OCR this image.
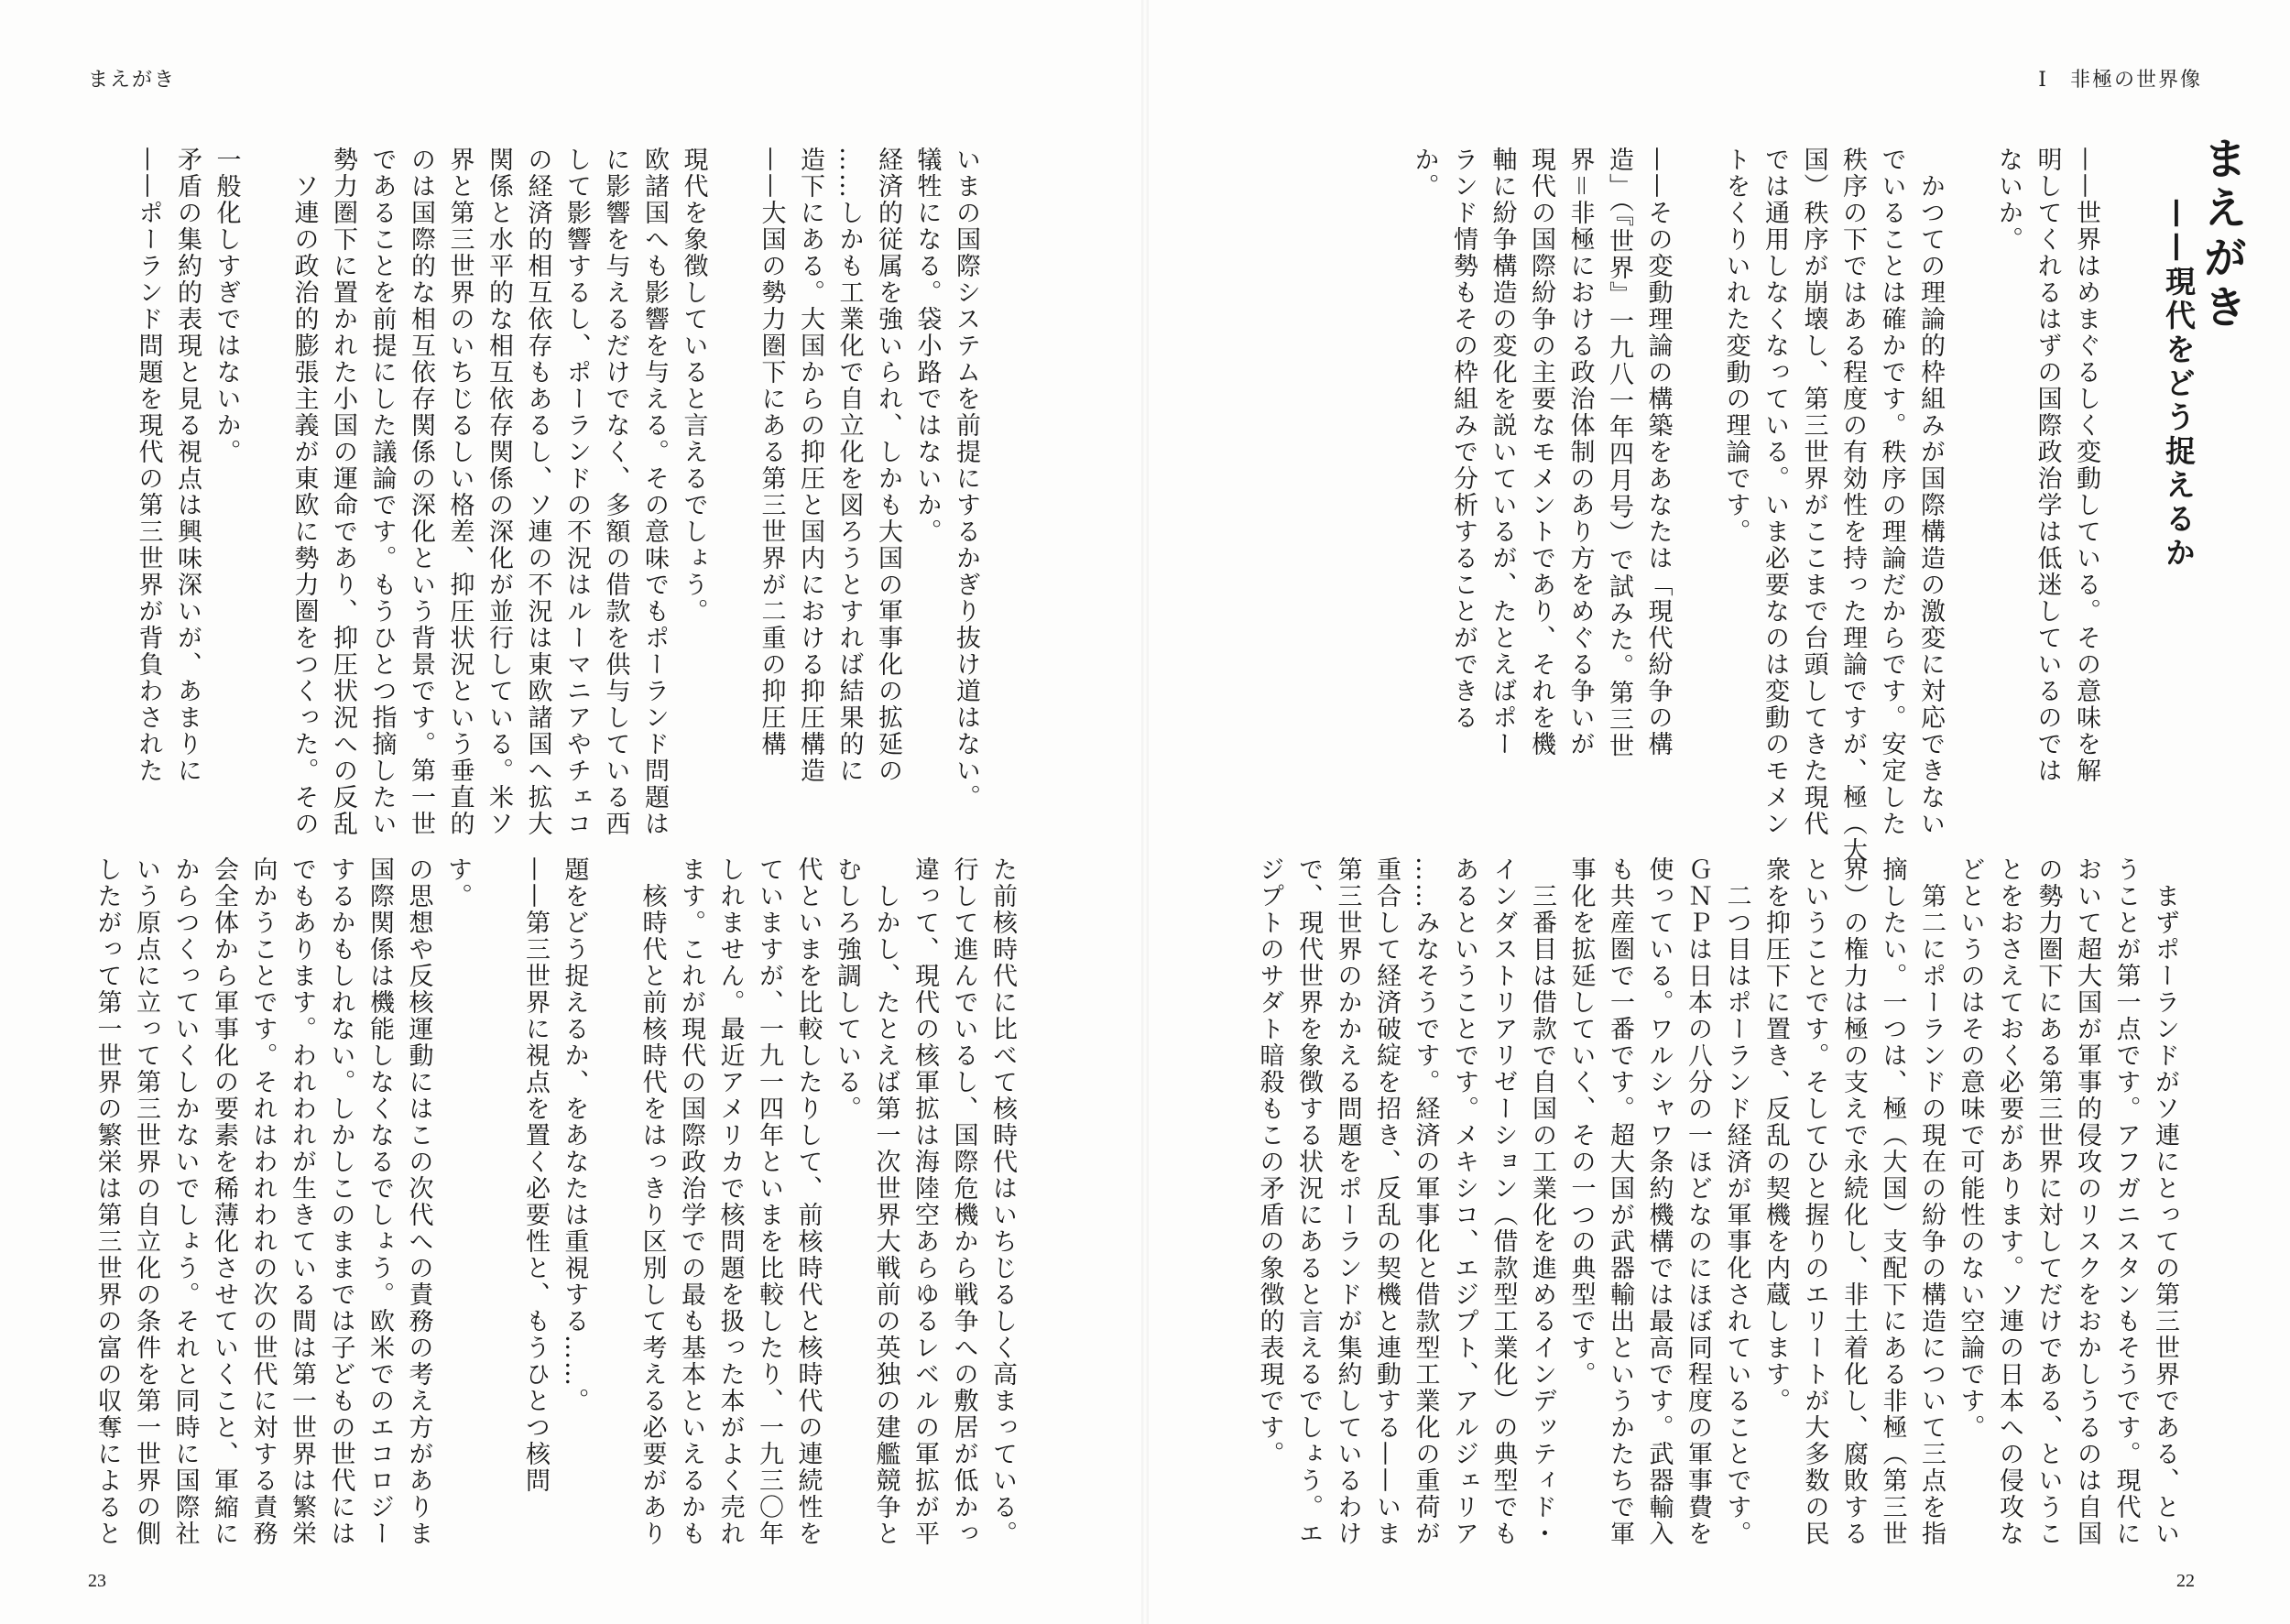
まえがき
いまの国際システムを前提にするかぎり抜け道はない。
犠牲になる。袋小路ではないか。
経済的従属を強いられ、しかも大国の軍事化の拡延の
……しかも工業化で自立化を図ろうとすれば結果的に
造下にある。大国からの抑圧と国内における抑圧構造
——大国の勢力圏下にある第三世界が二重の抑圧構

現代を象徴していると言えるでしょう。
欧諸国へも影響を与える。その意味でもポーランド問題は
に影響を与えるだけでなく、多額の借款を供与している西
して影響するし、ポーランドの不況はルーマニアやチェコ
の経済的相互依存もあるし、ソ連の不況は東欧諸国へ拡大
関係と水平的な相互依存関係の深化が並行している。米ソ
界と第三世界のいちじるしい格差、抑圧状況という垂直的
のは国際的な相互依存関係の深化という背景です。第一世
であることを前提にした議論です。もうひとつ指摘したい
勢力圏下に置かれた小国の運命であり、抑圧状況への反乱
　ソ連の政治的膨張主義が東欧に勢力圏をつくった。その

一般化しすぎではないか。
矛盾の集約的表現と見る視点は興味深いが、あまりに
——ポーランド問題を現代の第三世界が背負わされた
た前核時代に比べて核時代はいちじるしく高まっている。
行して進んでいるし、国際危機から戦争への敷居が低かっ
違って、現代の核軍拡は海陸空あらゆるレベルの軍拡が平
　しかし、たとえば第一次世界大戦前の英独の建艦競争と
むしろ強調している。
代といまを比較したりして、前核時代と核時代の連続性を
ていますが、一九一四年といまを比較したり、一九三〇年
しれません。最近アメリカで核問題を扱った本がよく売れ
ます。これが現代の国際政治学での最も基本といえるかも
　核時代と前核時代をはっきり区別して考える必要があり

題をどう捉えるか、をあなたは重視する……。
——第三世界に視点を置く必要性と、もうひとつ核問

す。
の思想や反核運動にはこの次代への責務の考え方がありま
国際関係は機能しなくなるでしょう。欧米でのエコロジー
するかもしれない。しかしこのままでは子どもの世代には
でもあります。われわれが生きている間は第一世界は繁栄
向かうことです。それはわれわれの次の世代に対する責務
会全体から軍事化の要素を稀薄化させていくこと、軍縮に
からつくっていくしかないでしょう。それと同時に国際社
いう原点に立って第三世界の自立化の条件を第一世界の側
したがって第一世界の繁栄は第三世界の富の収奪によると
23
Ⅰ　非極の世界像
まえがき
——現代をどう捉えるか
——世界はめまぐるしく変動している。その意味を解
明してくれるはずの国際政治学は低迷しているのでは
ないか。

　かつての理論的枠組みが国際構造の激変に対応できない
でいることは確かです。秩序の理論だからです。安定した
秩序の下ではある程度の有効性を持った理論ですが、極（大
国）秩序が崩壊し、第三世界がここまで台頭してきた現代
では通用しなくなっている。いま必要なのは変動のモメン
トをくりいれた変動の理論です。

——その変動理論の構築をあなたは「現代紛争の構
造」（『世界』一九八一年四月号）で試みた。第三世
界＝非極における政治体制のあり方をめぐる争いが
現代の国際紛争の主要なモメントであり、それを機
軸に紛争構造の変化を説いているが、たとえばポー
ランド情勢もその枠組みで分析することができる
か。
　まずポーランドがソ連にとっての第三世界である、とい
うことが第一点です。アフガニスタンもそうです。現代に
おいて超大国が軍事的侵攻のリスクをおかしうるのは自国
の勢力圏下にある第三世界に対してだけである、というこ
とをおさえておく必要があります。ソ連の日本への侵攻な
どというのはその意味で可能性のない空論です。
　第二にポーランドの現在の紛争の構造について三点を指
摘したい。一つは、極（大国）支配下にある非極（第三世
界）の権力は極の支えで永続化し、非土着化し、腐敗する
ということです。そしてひと握りのエリートが大多数の民
衆を抑圧下に置き、反乱の契機を内蔵します。
　二つ目はポーランド経済が軍事化されていることです。
ＧＮＰは日本の八分の一ほどなのにほぼ同程度の軍事費を
使っている。ワルシャワ条約機構では最高です。武器輸入
も共産圏で一番です。超大国が武器輸出というかたちで軍
事化を拡延していく、その一つの典型です。
　三番目は借款で自国の工業化を進めるインデッティド・
インダストリアリゼーション（借款型工業化）の典型でも
あるということです。メキシコ、エジプト、アルジェリア
……みなそうです。経済の軍事化と借款型工業化の重荷が
重合して経済破綻を招き、反乱の契機と連動する——いま
第三世界のかかえる問題をポーランドが集約しているわけ
で、現代世界を象徴する状況にあると言えるでしょう。エ
ジプトのサダト暗殺もこの矛盾の象徴的表現です。
22
